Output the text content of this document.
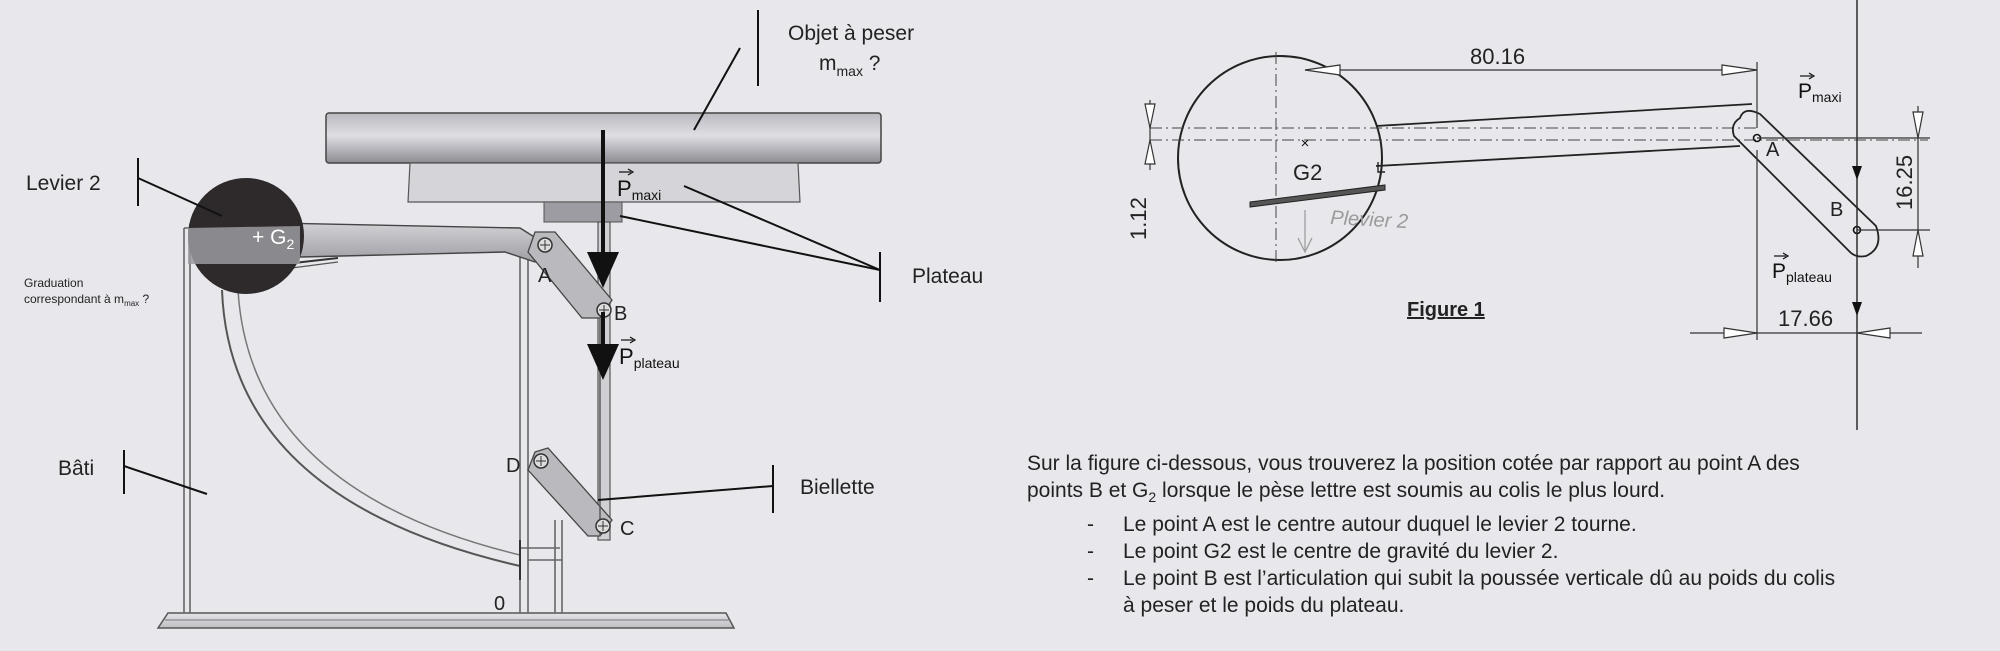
Objet à peser
$m_{max}$ ?
Levier 2
Graduation
correspondant à $m_{max}$ ?
Plateau
Bâti
Biellette
+ $G_2$
A
B
D
C
0
Pmaxi
Pplateau
Plevier 2
80.16
1.12
16.25
17.66
G2
A
B
Pmaxi
Pplateau
Figure 1

Sur la figure ci-dessous, vous trouverez la position cotée par rapport au point A des

points B et $G_2$ lorsque le pèse lettre est soumis au colis le plus lourd.

- Le point A est le centre autour duquel le levier 2 tourne.
- Le point G2 est le centre de gravité du levier 2.
- Le point B est l’articulation qui subit la poussée verticale dû au poids du colis
à peser et le poids du plateau.
